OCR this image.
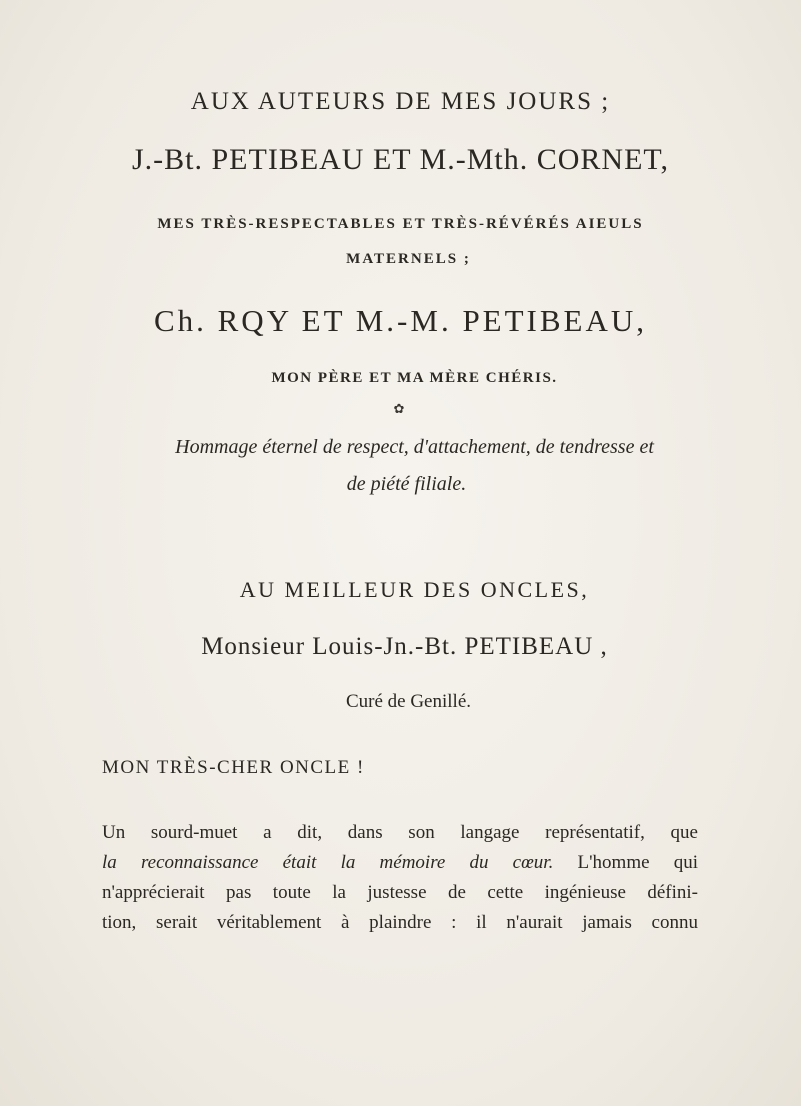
AUX AUTEURS DE MES JOURS ;
J.-Bt. PETIBEAU ET M.-Mth. CORNET,
MES TRÈS-RESPECTABLES ET TRÈS-RÉVÉRÉS AIEULS
MATERNELS ;
Ch. RQY ET M.-M. PETIBEAU,
MON PÈRE ET MA MÈRE CHÉRIS.
✿
Hommage éternel de respect, d'attachement, de tendresse et
de piété filiale.
AU MEILLEUR DES ONCLES,
Monsieur Louis-Jn.-Bt. PETIBEAU ,
Curé de Genillé.
MON TRÈS-CHER ONCLE !
Un sourd-muet a dit, dans son langage représentatif, que
la reconnaissance était la mémoire du cœur. L'homme qui
n'apprécierait pas toute la justesse de cette ingénieuse défini-
tion, serait véritablement à plaindre : il n'aurait jamais connu
